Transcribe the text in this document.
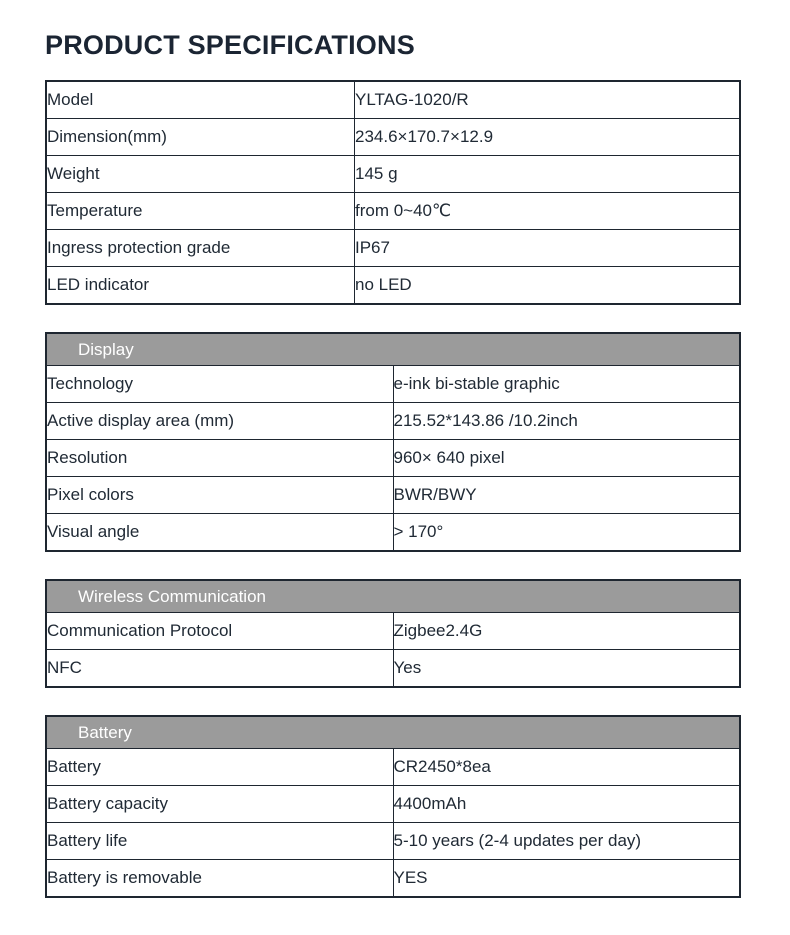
PRODUCT SPECIFICATIONS
Model	YLTAG-1020/R
Dimension(mm)	234.6×170.7×12.9
Weight	145 g
Temperature	from 0~40℃
Ingress protection grade	IP67
LED indicator	no LED
Display	
Technology	e-ink bi-stable graphic
Active display area (mm)	215.52*143.86 /10.2inch
Resolution	960× 640 pixel
Pixel colors	BWR/BWY
Visual angle	> 170°
Wireless Communication	
Communication Protocol	Zigbee2.4G
NFC	Yes
Battery	
Battery	CR2450*8ea
Battery capacity	4400mAh
Battery life	5-10 years (2-4 updates per day)
Battery is removable	YES
